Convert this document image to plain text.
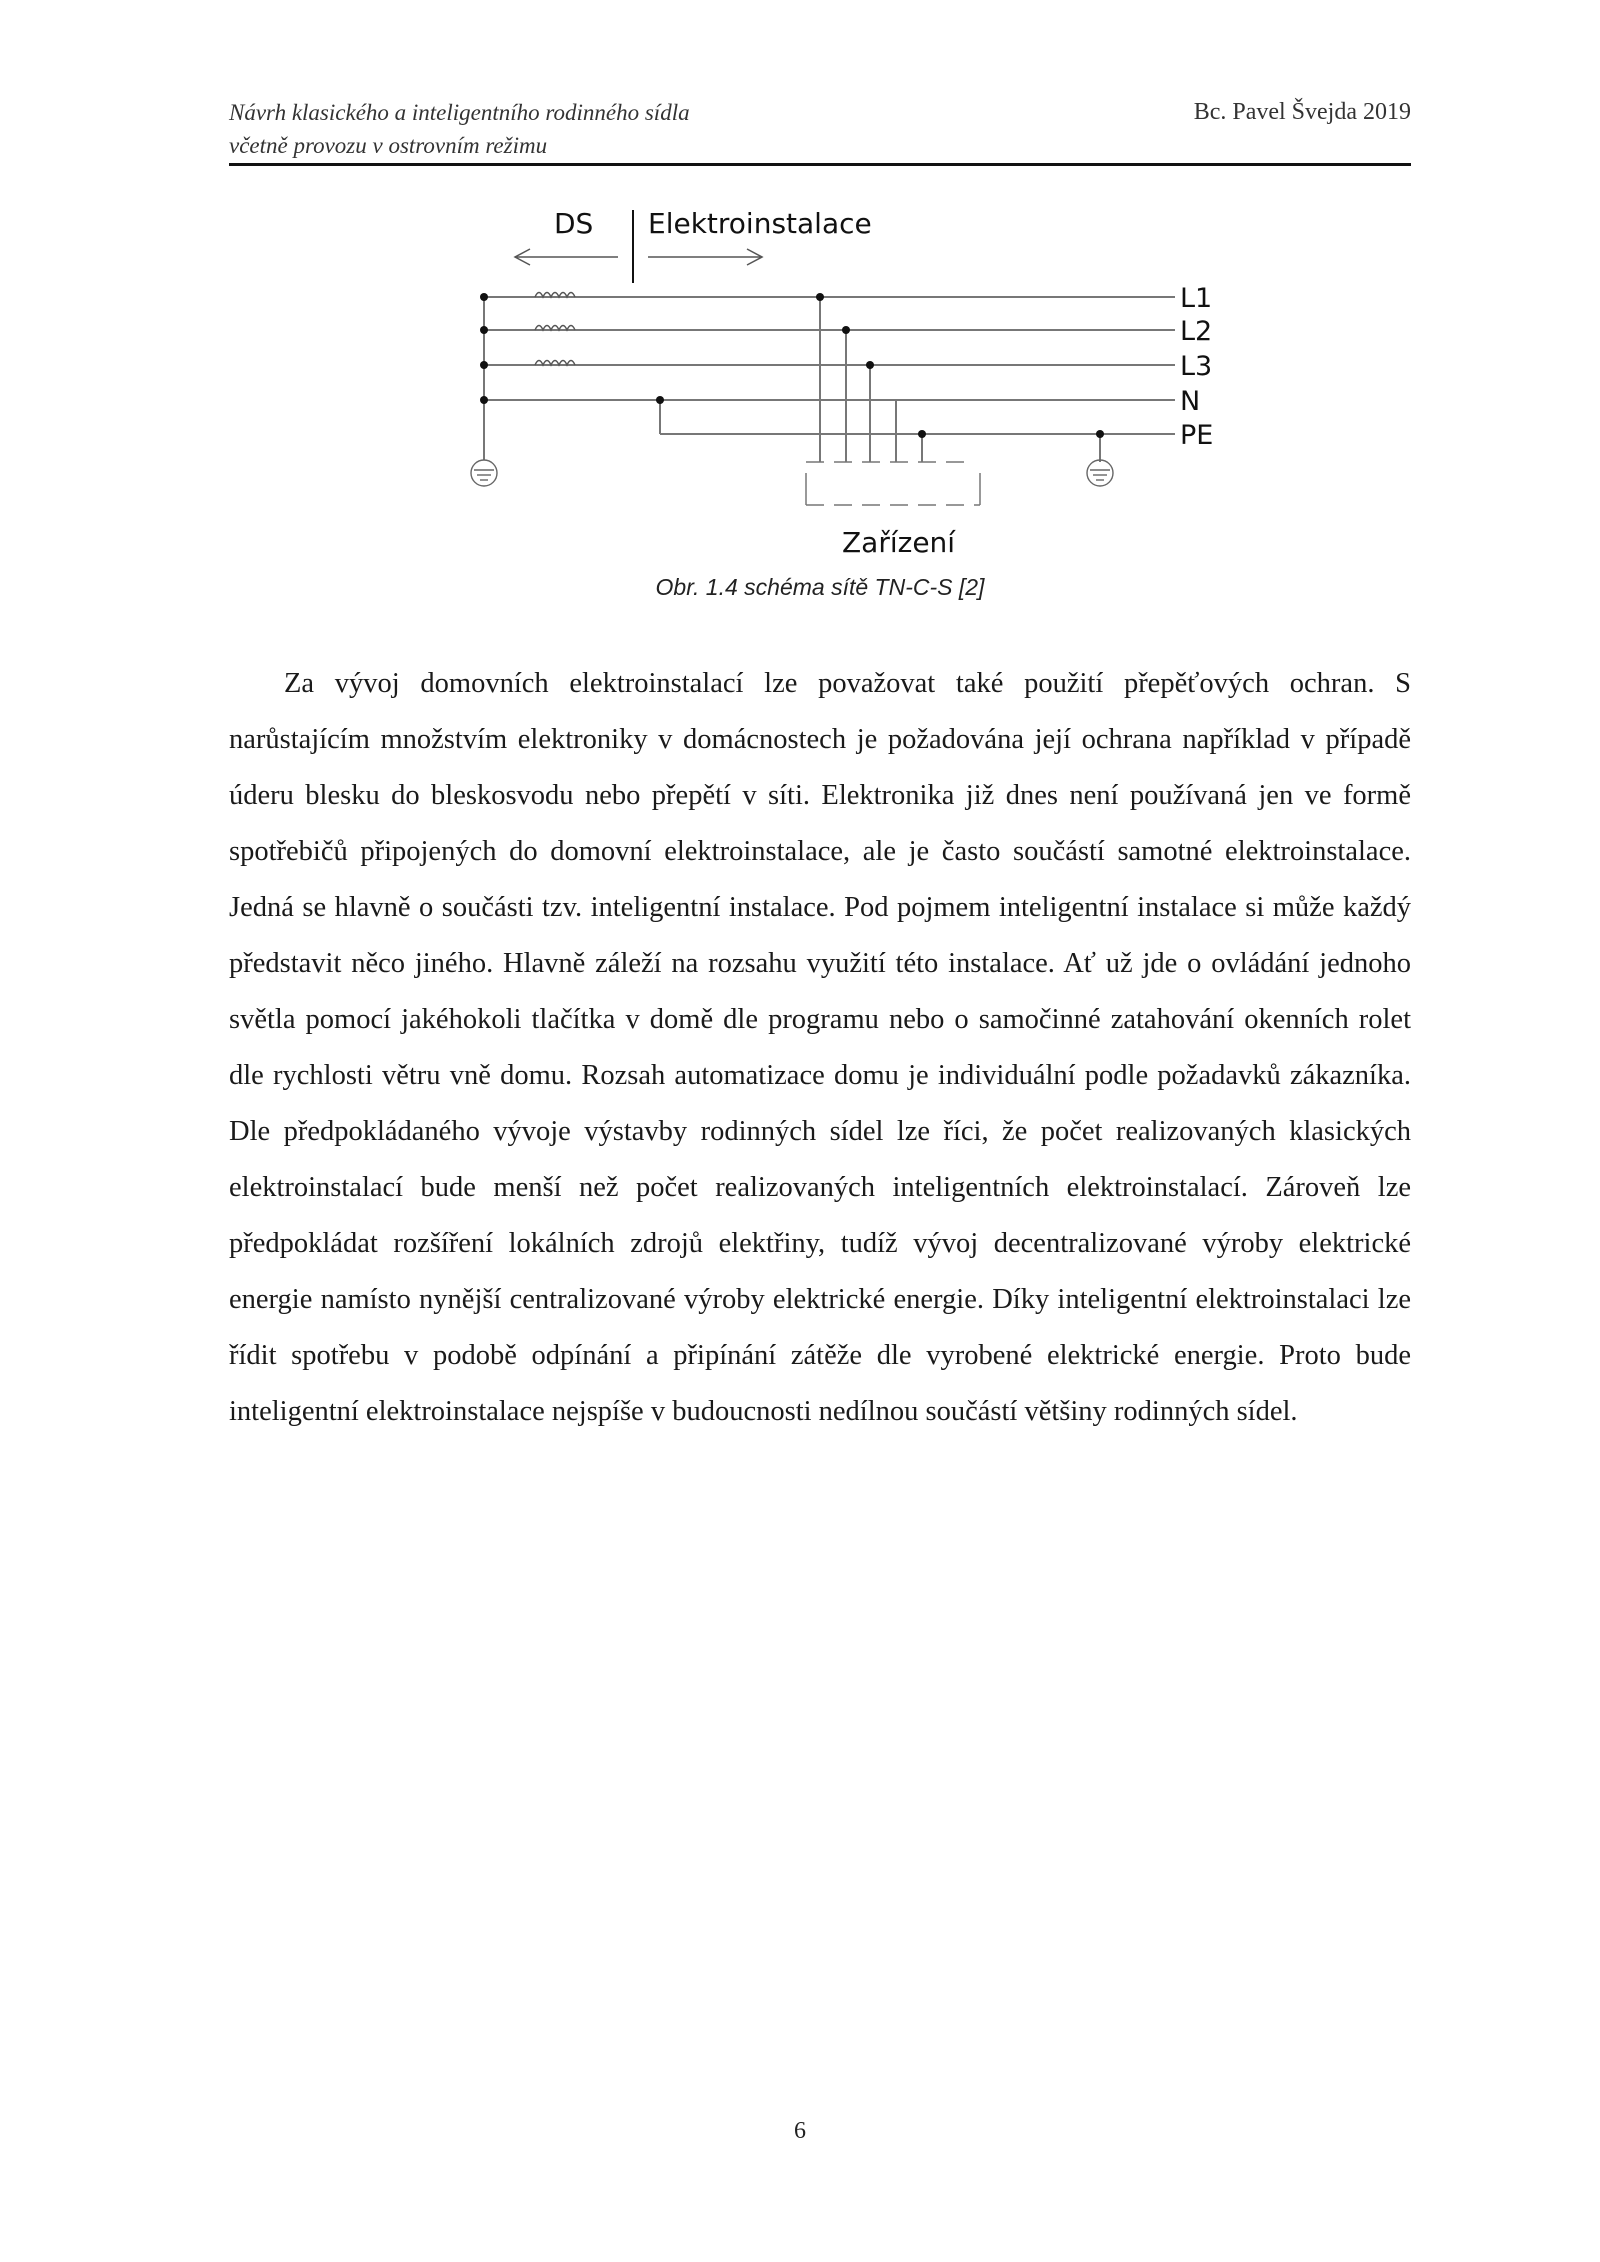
Návrh klasického a inteligentního rodinného sídla
včetně provozu v ostrovním režimu
Bc. Pavel Švejda 2019
DS Elektroinstalace
L1
L2
L3
N
PE
Zařízení
Obr. 1.4 schéma sítě TN-C-S [2]

Za vývoj domovních elektroinstalací lze považovat také použití přepěťových ochran. S narůstajícím množstvím elektroniky v domácnostech je požadována její ochrana například v případě úderu blesku do bleskosvodu nebo přepětí v síti. Elektronika již dnes není používaná jen ve formě spotřebičů připojených do domovní elektroinstalace, ale je často součástí samotné elektroinstalace. Jedná se hlavně o součásti tzv. inteligentní instalace. Pod pojmem inteligentní instalace si může každý představit něco jiného. Hlavně záleží na rozsahu využití této instalace. Ať už jde o ovládání jednoho světla pomocí jakéhokoli tlačítka v domě dle programu nebo o samočinné zatahování okenních rolet dle rychlosti větru vně domu. Rozsah automatizace domu je individuální podle požadavků zákazníka. Dle předpokládaného vývoje výstavby rodinných sídel lze říci, že počet realizovaných klasických elektroinstalací bude menší než počet realizovaných inteligentních elektroinstalací. Zároveň lze předpokládat rozšíření lokálních zdrojů elektřiny, tudíž vývoj decentralizované výroby elektrické energie namísto nynější centralizované výroby elektrické energie. Díky inteligentní elektroinstalaci lze řídit spotřebu v podobě odpínání a připínání zátěže dle vyrobené elektrické energie. Proto bude inteligentní elektroinstalace nejspíše v budoucnosti nedílnou součástí většiny rodinných sídel.

6
